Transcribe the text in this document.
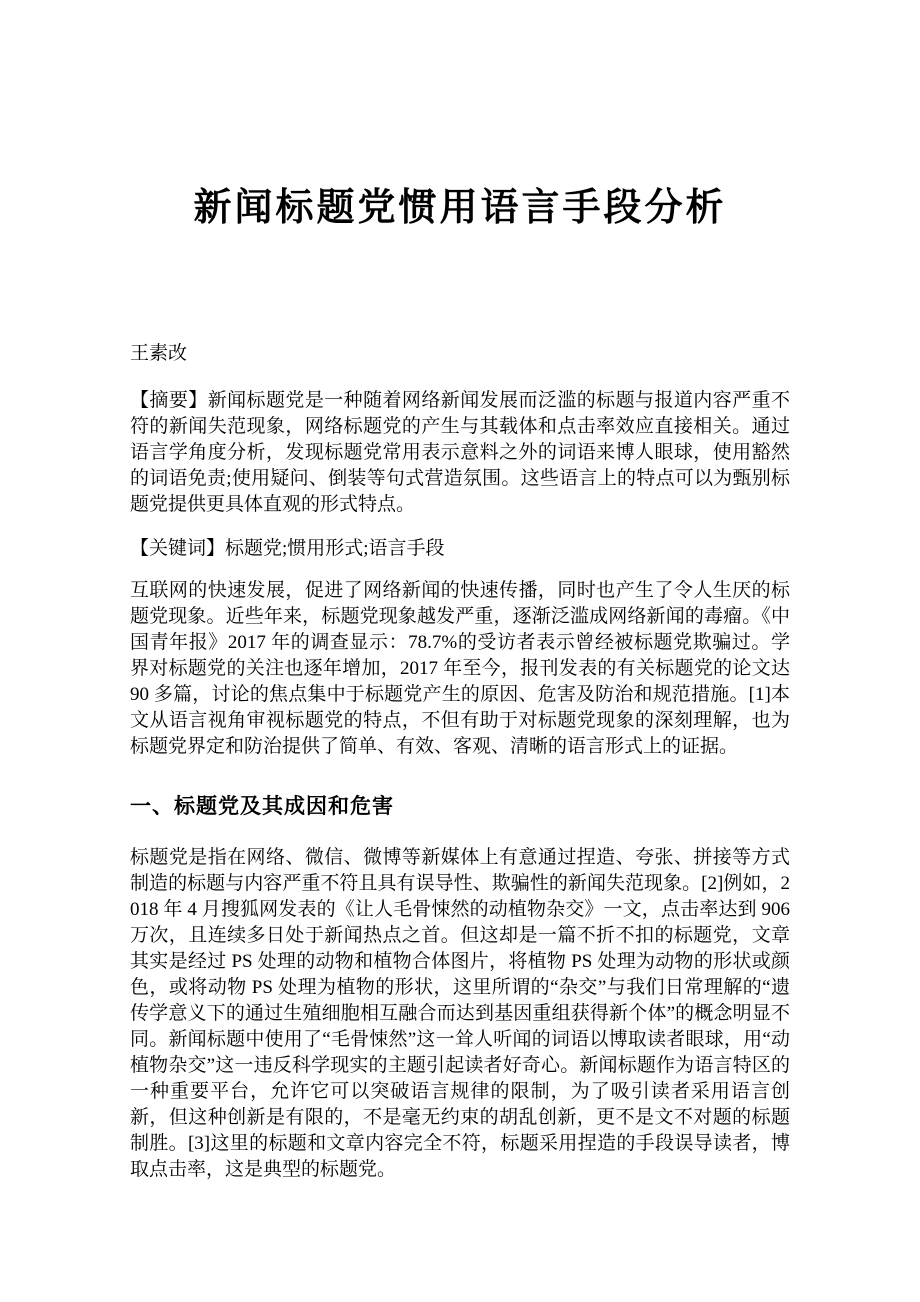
新闻标题党惯用语言手段分析

王素改

【摘要】新闻标题党是一种随着网络新闻发展而泛滥的标题与报道内容严重不符的新闻失范现象，网络标题党的产生与其载体和点击率效应直接相关。通过语言学角度分析，发现标题党常用表示意料之外的词语来博人眼球，使用豁然的词语免责;使用疑问、倒装等句式营造氛围。这些语言上的特点可以为甄别标题党提供更具体直观的形式特点。

【关键词】标题党;惯用形式;语言手段

互联网的快速发展，促进了网络新闻的快速传播，同时也产生了令人生厌的标题党现象。近些年来，标题党现象越发严重，逐渐泛滥成网络新闻的毒瘤。《中国青年报》2017 年的调查显示：78.7%的受访者表示曾经被标题党欺骗过。学界对标题党的关注也逐年增加，2017 年至今，报刊发表的有关标题党的论文达 90 多篇，讨论的焦点集中于标题党产生的原因、危害及防治和规范措施。[1]本文从语言视角审视标题党的特点，不但有助于对标题党现象的深刻理解，也为标题党界定和防治提供了简单、有效、客观、清晰的语言形式上的证据。

一、标题党及其成因和危害

标题党是指在网络、微信、微博等新媒体上有意通过捏造、夸张、拼接等方式制造的标题与内容严重不符且具有误导性、欺骗性的新闻失范现象。[2]例如，2018 年 4 月搜狐网发表的《让人毛骨悚然的动植物杂交》一文，点击率达到 906 万次，且连续多日处于新闻热点之首。但这却是一篇不折不扣的标题党，文章其实是经过 PS 处理的动物和植物合体图片，将植物 PS 处理为动物的形状或颜色，或将动物 PS 处理为植物的形状，这里所谓的“杂交”与我们日常理解的“遗传学意义下的通过生殖细胞相互融合而达到基因重组获得新个体”的概念明显不同。新闻标题中使用了“毛骨悚然”这一耸人听闻的词语以博取读者眼球，用“动植物杂交”这一违反科学现实的主题引起读者好奇心。新闻标题作为语言特区的一种重要平台，允许它可以突破语言规律的限制，为了吸引读者采用语言创新，但这种创新是有限的，不是毫无约束的胡乱创新，更不是文不对题的标题制胜。[3]这里的标题和文章内容完全不符，标题采用捏造的手段误导读者，博取点击率，这是典型的标题党。
